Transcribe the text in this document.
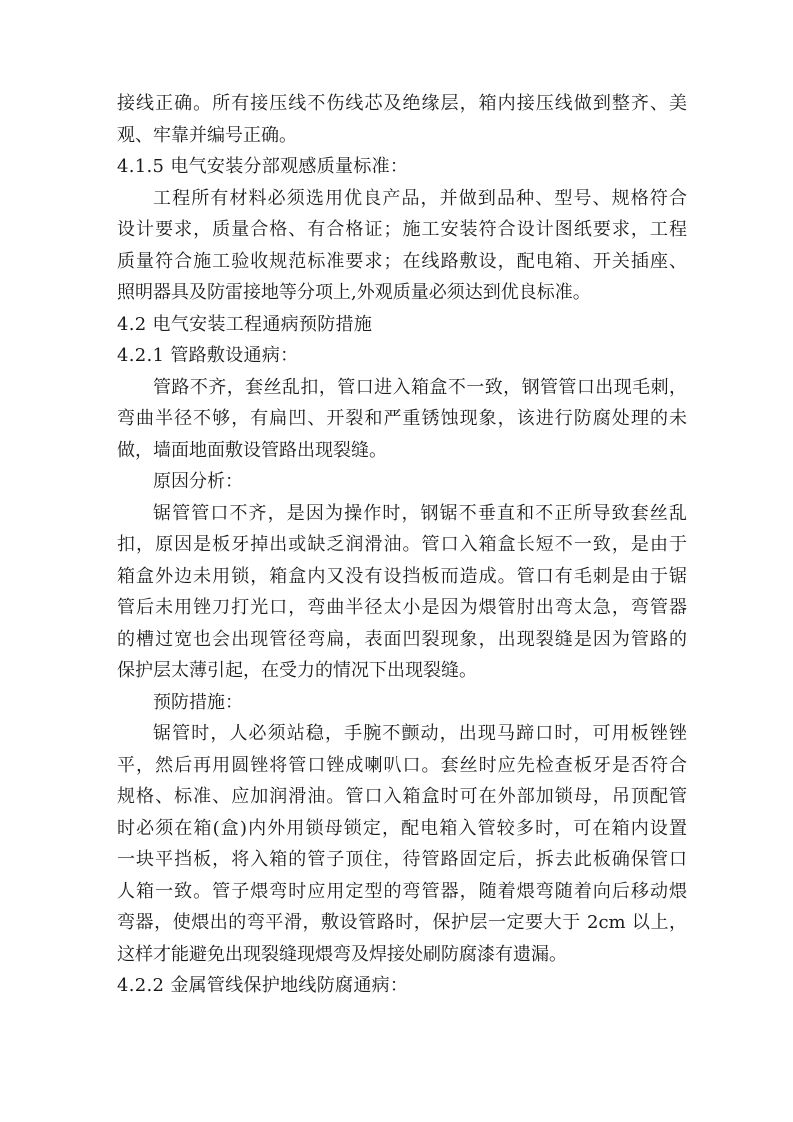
接线正确。所有接压线不伤线芯及绝缘层，箱内接压线做到整齐、美
观、牢靠并编号正确。
4.1.5 电气安装分部观感质量标准：
工程所有材料必须选用优良产品，并做到品种、型号、规格符合
设计要求，质量合格、有合格证；施工安装符合设计图纸要求，工程
质量符合施工验收规范标准要求；在线路敷设，配电箱、开关插座、
照明器具及防雷接地等分项上,外观质量必须达到优良标准。
4.2 电气安装工程通病预防措施
4.2.1 管路敷设通病：
管路不齐，套丝乱扣，管口进入箱盒不一致，钢管管口出现毛刺，
弯曲半径不够，有扁凹、开裂和严重锈蚀现象，该进行防腐处理的未
做，墙面地面敷设管路出现裂缝。
原因分析：
锯管管口不齐，是因为操作时，钢锯不垂直和不正所导致套丝乱
扣，原因是板牙掉出或缺乏润滑油。管口入箱盒长短不一致，是由于
箱盒外边未用锁，箱盒内又没有设挡板而造成。管口有毛刺是由于锯
管后未用锉刀打光口，弯曲半径太小是因为煨管肘出弯太急，弯管器
的槽过宽也会出现管径弯扁，表面凹裂现象，出现裂缝是因为管路的
保护层太薄引起，在受力的情况下出现裂缝。
预防措施：
锯管时，人必须站稳，手腕不颤动，出现马蹄口时，可用板锉锉
平，然后再用圆锉将管口锉成喇叭口。套丝时应先检查板牙是否符合
规格、标准、应加润滑油。管口入箱盒时可在外部加锁母，吊顶配管
时必须在箱(盒)内外用锁母锁定，配电箱入管较多时，可在箱内设置
一块平挡板，将入箱的管子顶住，待管路固定后，拆去此板确保管口
人箱一致。管子煨弯时应用定型的弯管器，随着煨弯随着向后移动煨
弯器，使煨出的弯平滑，敷设管路时，保护层一定要大于 2cm 以上，
这样才能避免出现裂缝现煨弯及焊接处刷防腐漆有遗漏。
4.2.2 金属管线保护地线防腐通病：
